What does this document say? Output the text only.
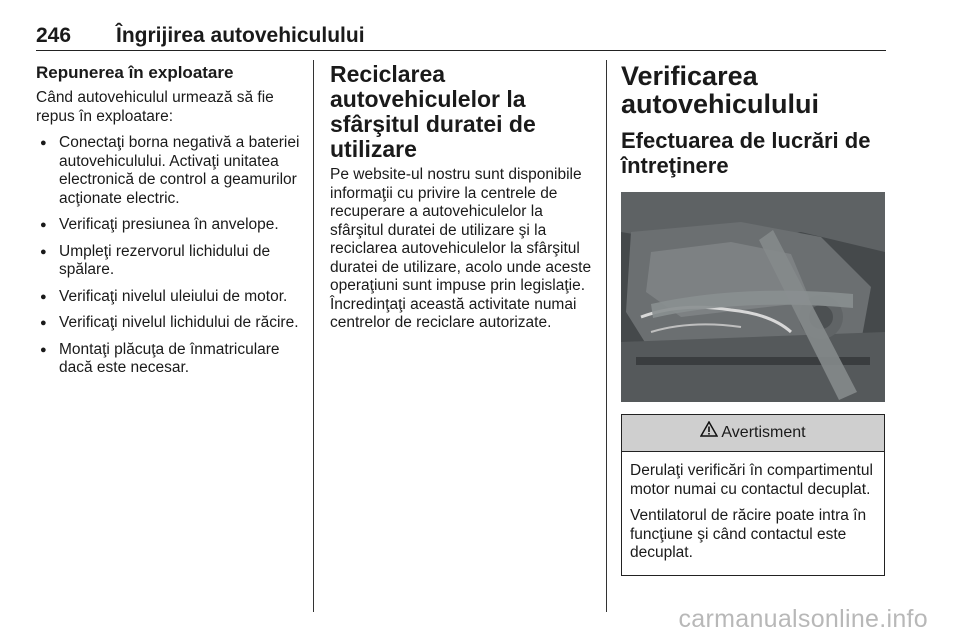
246 Îngrijirea autovehiculului
Repunerea în exploatare

Când autovehiculul urmează să fie repus în exploatare:

● Conectaţi borna negativă a bateriei autovehiculului. Activaţi unitatea electronică de control a geamurilor acţionate electric.
● Verificaţi presiunea în anvelope.
● Umpleţi rezervorul lichidului de spălare.
● Verificaţi nivelul uleiului de motor.
● Verificaţi nivelul lichidului de răcire.
● Montaţi plăcuţa de înmatriculare dacă este necesar.
Reciclarea autovehiculelor la sfârşitul duratei de utilizare

Pe website-ul nostru sunt disponibile informaţii cu privire la centrele de recuperare a autovehiculelor la sfârşitul duratei de utilizare şi la reciclarea autovehiculelor la sfârşitul duratei de utilizare, acolo unde aceste operaţiuni sunt impuse prin legislaţie. Încredinţaţi această activitate numai centrelor de reciclare autorizate.

Verificarea autovehiculului
Efectuarea de lucrări de întreţinere
Avertisment

Derulaţi verificări în compartimentul motor numai cu contactul decuplat.

Ventilatorul de răcire poate intra în funcţiune şi când contactul este decuplat.

carmanualsonline.info
